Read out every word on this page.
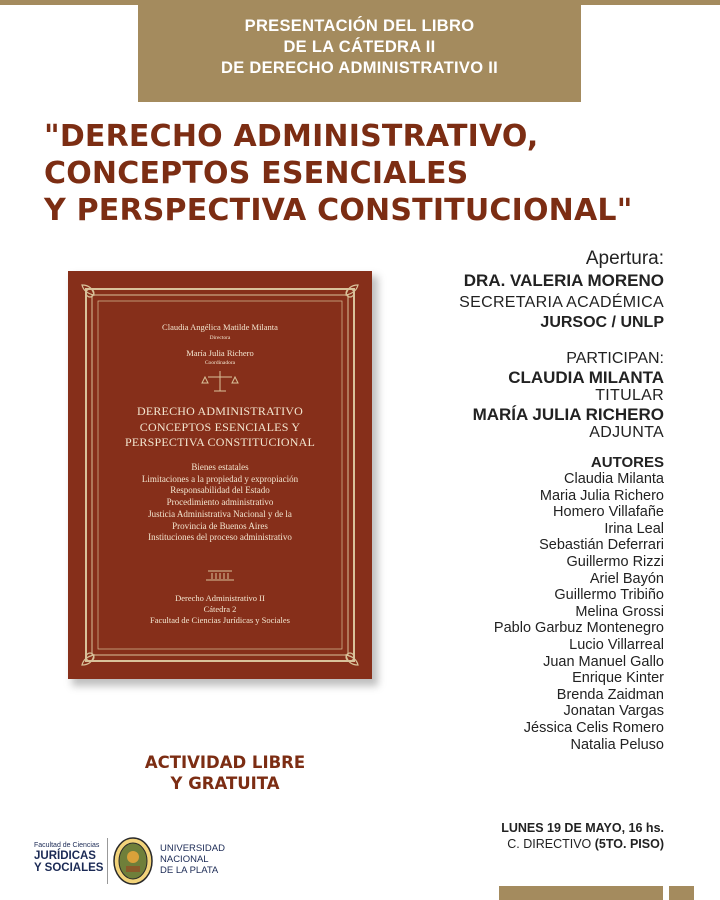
PRESENTACIÓN DEL LIBRO
DE LA CÁTEDRA II
DE DERECHO ADMINISTRATIVO II
"DERECHO ADMINISTRATIVO,
CONCEPTOS ESENCIALES
Y PERSPECTIVA CONSTITUCIONAL"
Apertura:
DRA. VALERIA MORENO
SECRETARIA ACADÉMICA
JURSOC / UNLP
PARTICIPAN:
CLAUDIA MILANTA
TITULAR
MARÍA JULIA RICHERO
ADJUNTA
AUTORES
Claudia Milanta
Maria Julia Richero
Homero Villafañe
Irina Leal
Sebastián Deferrari
Guillermo Rizzi
Ariel Bayón
Guillermo Tribiño
Melina Grossi
Pablo Garbuz Montenegro
Lucio Villarreal
Juan Manuel Gallo
Enrique Kinter
Brenda Zaidman
Jonatan Vargas
Jéssica Celis Romero
Natalia Peluso
Claudia Angélica Matilde Milanta
Directora
María Julia Richero
Coordinadora
DERECHO ADMINISTRATIVO
CONCEPTOS ESENCIALES Y
PERSPECTIVA CONSTITUCIONAL
Bienes estatales
Limitaciones a la propiedad y expropiación
Responsabilidad del Estado
Procedimiento administrativo
Justicia Administrativa Nacional y de la
Provincia de Buenos Aires
Instituciones del proceso administrativo
Derecho Administrativo II
Cátedra 2
Facultad de Ciencias Jurídicas y Sociales
ACTIVIDAD LIBRE
Y GRATUITA
LUNES 19 DE MAYO, 16 hs.
C. DIRECTIVO (5TO. PISO)
Facultad de Ciencias
JURÍDICAS
Y SOCIALES
UNIVERSIDAD
NACIONAL
DE LA PLATA
